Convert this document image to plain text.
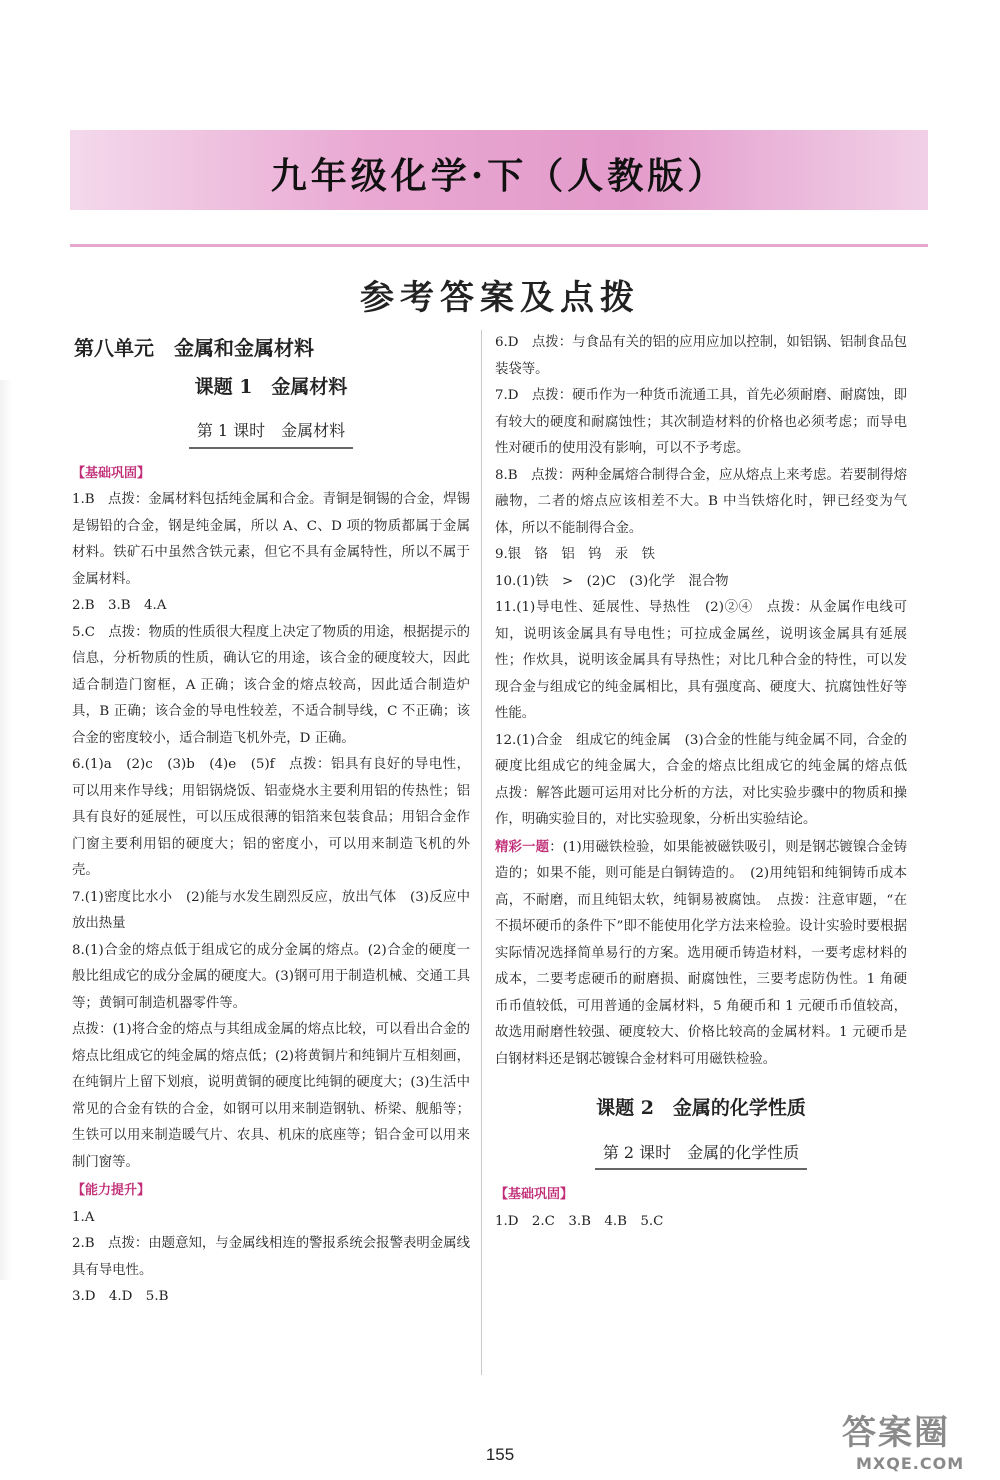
九年级化学·下（人教版）
参考答案及点拨
第八单元　金属和金属材料
课题 1　金属材料
第 1 课时　金属材料
【基础巩固】

1.B　点拨：金属材料包括纯金属和合金。青铜是铜锡的合金，焊锡是锡铅的合金，钢是纯金属，所以 A、C、D 项的物质都属于金属材料。铁矿石中虽然含铁元素，但它不具有金属特性，所以不属于金属材料。

2.B　3.B　4.A

5.C　点拨：物质的性质很大程度上决定了物质的用途，根据提示的信息，分析物质的性质，确认它的用途，该合金的硬度较大，因此适合制造门窗框，A 正确；该合金的熔点较高，因此适合制造炉具，B 正确；该合金的导电性较差，不适合制导线，C 不正确；该合金的密度较小，适合制造飞机外壳，D 正确。

6.(1)a　(2)c　(3)b　(4)e　(5)f　点拨：铝具有良好的导电性，可以用来作导线；用铝锅烧饭、铝壶烧水主要利用铝的传热性；铝具有良好的延展性，可以压成很薄的铝箔来包装食品；用铝合金作门窗主要利用铝的硬度大；铝的密度小，可以用来制造飞机的外壳。

7.(1)密度比水小　(2)能与水发生剧烈反应，放出气体　(3)反应中放出热量

8.(1)合金的熔点低于组成它的成分金属的熔点。(2)合金的硬度一般比组成它的成分金属的硬度大。(3)钢可用于制造机械、交通工具等；黄铜可制造机器零件等。

点拨：(1)将合金的熔点与其组成金属的熔点比较，可以看出合金的熔点比组成它的纯金属的熔点低；(2)将黄铜片和纯铜片互相刻画，在纯铜片上留下划痕，说明黄铜的硬度比纯铜的硬度大；(3)生活中常见的合金有铁的合金，如钢可以用来制造钢轨、桥梁、舰船等；生铁可以用来制造暖气片、农具、机床的底座等；铝合金可以用来制门窗等。

【能力提升】

1.A

2.B　点拨：由题意知，与金属线相连的警报系统会报警表明金属线具有导电性。

3.D　4.D　5.B

6.D　点拨：与食品有关的铝的应用应加以控制，如铝锅、铝制食品包装袋等。

7.D　点拨：硬币作为一种货币流通工具，首先必须耐磨、耐腐蚀，即有较大的硬度和耐腐蚀性；其次制造材料的价格也必须考虑；而导电性对硬币的使用没有影响，可以不予考虑。

8.B　点拨：两种金属熔合制得合金，应从熔点上来考虑。若要制得熔融物，二者的熔点应该相差不大。B 中当铁熔化时，钾已经变为气体，所以不能制得合金。

9.银　铬　铝　钨　汞　铁

10.(1)铁　>　(2)C　(3)化学　混合物

11.(1)导电性、延展性、导热性　(2)②④　点拨：从金属作电线可知，说明该金属具有导电性；可拉成金属丝，说明该金属具有延展性；作炊具，说明该金属具有导热性；对比几种合金的特性，可以发现合金与组成它的纯金属相比，具有强度高、硬度大、抗腐蚀性好等性能。

12.(1)合金　组成它的纯金属　(3)合金的性能与纯金属不同，合金的硬度比组成它的纯金属大，合金的熔点比组成它的纯金属的熔点低　点拨：解答此题可运用对比分析的方法，对比实验步骤中的物质和操作，明确实验目的，对比实验现象，分析出实验结论。

精彩一题：(1)用磁铁检验，如果能被磁铁吸引，则是钢芯镀镍合金铸造的；如果不能，则可能是白铜铸造的。　(2)用纯铝和纯铜铸币成本高，不耐磨，而且纯铝太软，纯铜易被腐蚀。　点拨：注意审题，“在不损坏硬币的条件下”即不能使用化学方法来检验。设计实验时要根据实际情况选择简单易行的方案。选用硬币铸造材料，一要考虑材料的成本，二要考虑硬币的耐磨损、耐腐蚀性，三要考虑防伪性。1 角硬币币值较低，可用普通的金属材料，5 角硬币和 1 元硬币币值较高，故选用耐磨性较强、硬度较大、价格比较高的金属材料。1 元硬币是白钢材料还是钢芯镀镍合金材料可用磁铁检验。

课题 2　金属的化学性质
第 2 课时　金属的化学性质
【基础巩固】

1.D　2.C　3.B　4.B　5.C

155
答案圈
MXQE.COM
